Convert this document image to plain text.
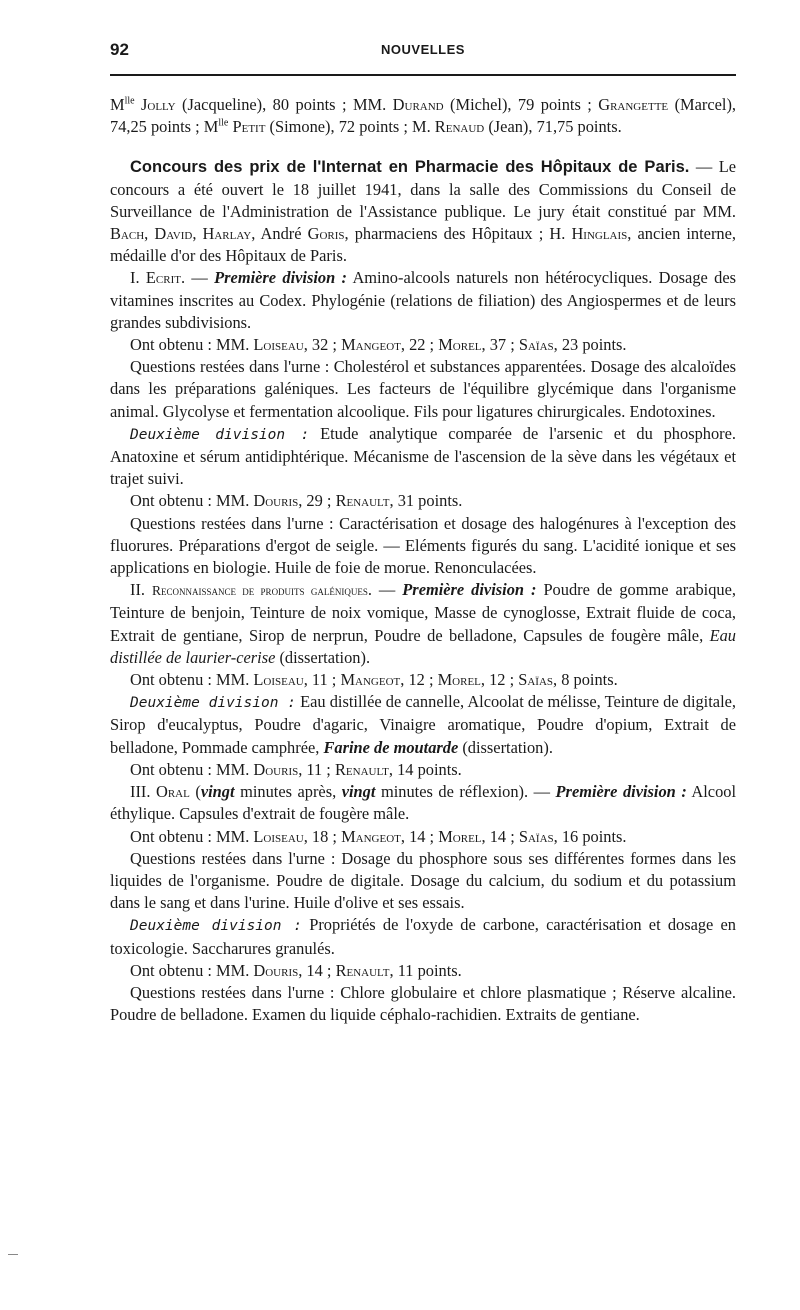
92	NOUVELLES

$M^{lle}$ Jolly (Jacqueline), 80 points ; MM. Durand (Michel), 79 points ; Grangette (Marcel), 74,25 points ; $M^{lle}$ Petit (Simone), 72 points ; M. Renaud (Jean), 71,75 points.

Concours des prix de l'Internat en Pharmacie des Hôpitaux de Paris. — Le concours a été ouvert le 18 juillet 1941, dans la salle des Commissions du Conseil de Surveillance de l'Administration de l'Assistance publique. Le jury était constitué par MM. Bach, David, Harlay, André Goris, pharmaciens des Hôpitaux ; H. Hinglais, ancien interne, médaille d'or des Hôpitaux de Paris.

I. Ecrit. — Première division : Amino-alcools naturels non hétérocycliques. Dosage des vitamines inscrites au Codex. Phylogénie (relations de filiation) des Angiospermes et de leurs grandes subdivisions.

Ont obtenu : MM. Loiseau, 32 ; Mangeot, 22 ; Morel, 37 ; Saïas, 23 points.

Questions restées dans l'urne : Cholestérol et substances apparentées. Dosage des alcaloïdes dans les préparations galéniques. Les facteurs de l'équilibre glycémique dans l'organisme animal. Glycolyse et fermentation alcoolique. Fils pour ligatures chirurgicales. Endotoxines.

Deuxième division : Etude analytique comparée de l'arsenic et du phosphore. Anatoxine et sérum antidiphtérique. Mécanisme de l'ascension de la sève dans les végétaux et trajet suivi.

Ont obtenu : MM. Douris, 29 ; Renault, 31 points.

Questions restées dans l'urne : Caractérisation et dosage des halogénures à l'exception des fluorures. Préparations d'ergot de seigle. — Eléments figurés du sang. L'acidité ionique et ses applications en biologie. Huile de foie de morue. Renonculacées.

II. Reconnaissance de produits galéniques. — Première division : Poudre de gomme arabique, Teinture de benjoin, Teinture de noix vomique, Masse de cynoglosse, Extrait fluide de coca, Extrait de gentiane, Sirop de nerprun, Poudre de belladone, Capsules de fougère mâle, Eau distillée de laurier-cerise (dissertation).

Ont obtenu : MM. Loiseau, 11 ; Mangeot, 12 ; Morel, 12 ; Saïas, 8 points.

Deuxième division : Eau distillée de cannelle, Alcoolat de mélisse, Teinture de digitale, Sirop d'eucalyptus, Poudre d'agaric, Vinaigre aromatique, Poudre d'opium, Extrait de belladone, Pommade camphrée, Farine de moutarde (dissertation).

Ont obtenu : MM. Douris, 11 ; Renault, 14 points.

III. Oral (vingt minutes après, vingt minutes de réflexion). — Première division : Alcool éthylique. Capsules d'extrait de fougère mâle.

Ont obtenu : MM. Loiseau, 18 ; Mangeot, 14 ; Morel, 14 ; Saïas, 16 points.

Questions restées dans l'urne : Dosage du phosphore sous ses différentes formes dans les liquides de l'organisme. Poudre de digitale. Dosage du calcium, du sodium et du potassium dans le sang et dans l'urine. Huile d'olive et ses essais.

Deuxième division : Propriétés de l'oxyde de carbone, caractérisation et dosage en toxicologie. Saccharures granulés.

Ont obtenu : MM. Douris, 14 ; Renault, 11 points.

Questions restées dans l'urne : Chlore globulaire et chlore plasmatique ; Réserve alcaline. Poudre de belladone. Examen du liquide céphalo-rachidien. Extraits de gentiane.
